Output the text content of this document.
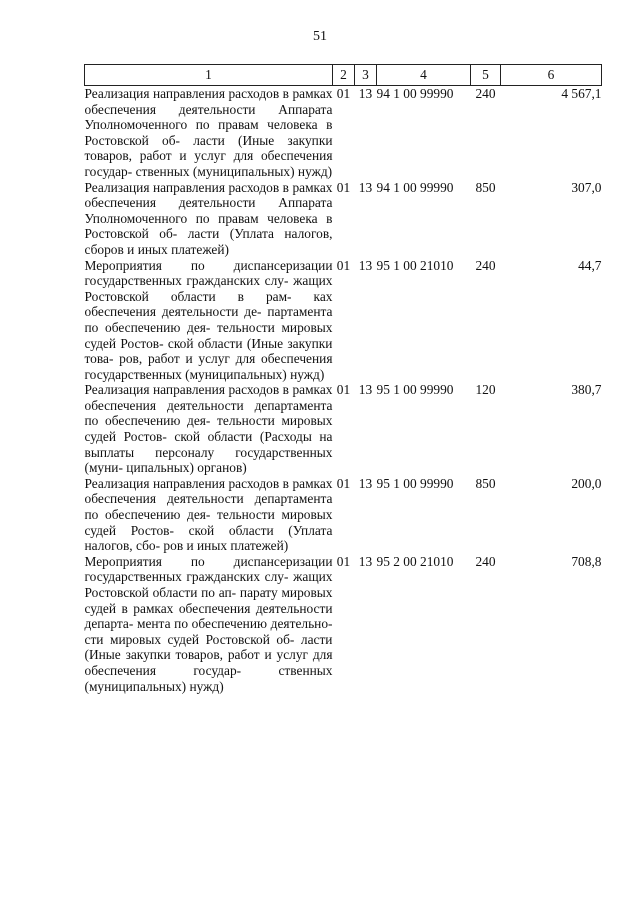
51
1	2	3	4	5	6
Реализация направления расходов в рамках обеспечения деятельности Аппарата Уполномоченного по правам человека в Ростовской об- ласти (Иные закупки товаров, работ и услуг для обеспечения государ- ственных (муниципальных) нужд)	01	13	94 1 00 99990	240	4 567,1
Реализация направления расходов в рамках обеспечения деятельности Аппарата Уполномоченного по правам человека в Ростовской об- ласти (Уплата налогов, сборов и иных платежей)	01	13	94 1 00 99990	850	307,0
Мероприятия по диспансеризации государственных гражданских слу- жащих Ростовской области в рам- ках обеспечения деятельности де- партамента по обеспечению дея- тельности мировых судей Ростов- ской области (Иные закупки това- ров, работ и услуг для обеспечения государственных (муниципальных) нужд)	01	13	95 1 00 21010	240	44,7
Реализация направления расходов в рамках обеспечения деятельности департамента по обеспечению дея- тельности мировых судей Ростов- ской области (Расходы на выплаты персоналу государственных (муни- ципальных) органов)	01	13	95 1 00 99990	120	380,7
Реализация направления расходов в рамках обеспечения деятельности департамента по обеспечению дея- тельности мировых судей Ростов- ской области (Уплата налогов, сбо- ров и иных платежей)	01	13	95 1 00 99990	850	200,0
Мероприятия по диспансеризации государственных гражданских слу- жащих Ростовской области по ап- парату мировых судей в рамках обеспечения деятельности департа- мента по обеспечению деятельно- сти мировых судей Ростовской об- ласти (Иные закупки товаров, работ и услуг для обеспечения государ- ственных (муниципальных) нужд)	01	13	95 2 00 21010	240	708,8
